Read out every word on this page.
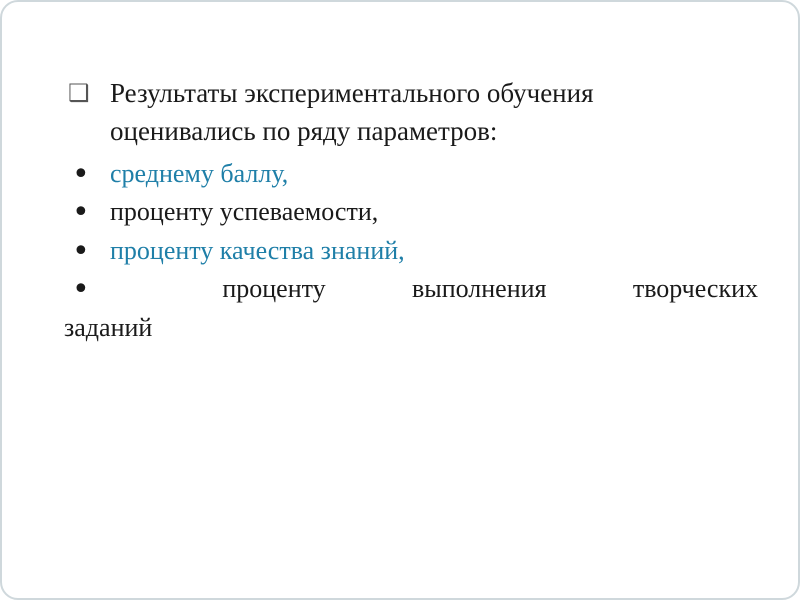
❑ Результаты экспериментального обучения
оценивались по ряду параметров:
• среднему баллу,
• проценту успеваемости,
• проценту качества знаний,
•	проценту выполнения творческих
заданий
